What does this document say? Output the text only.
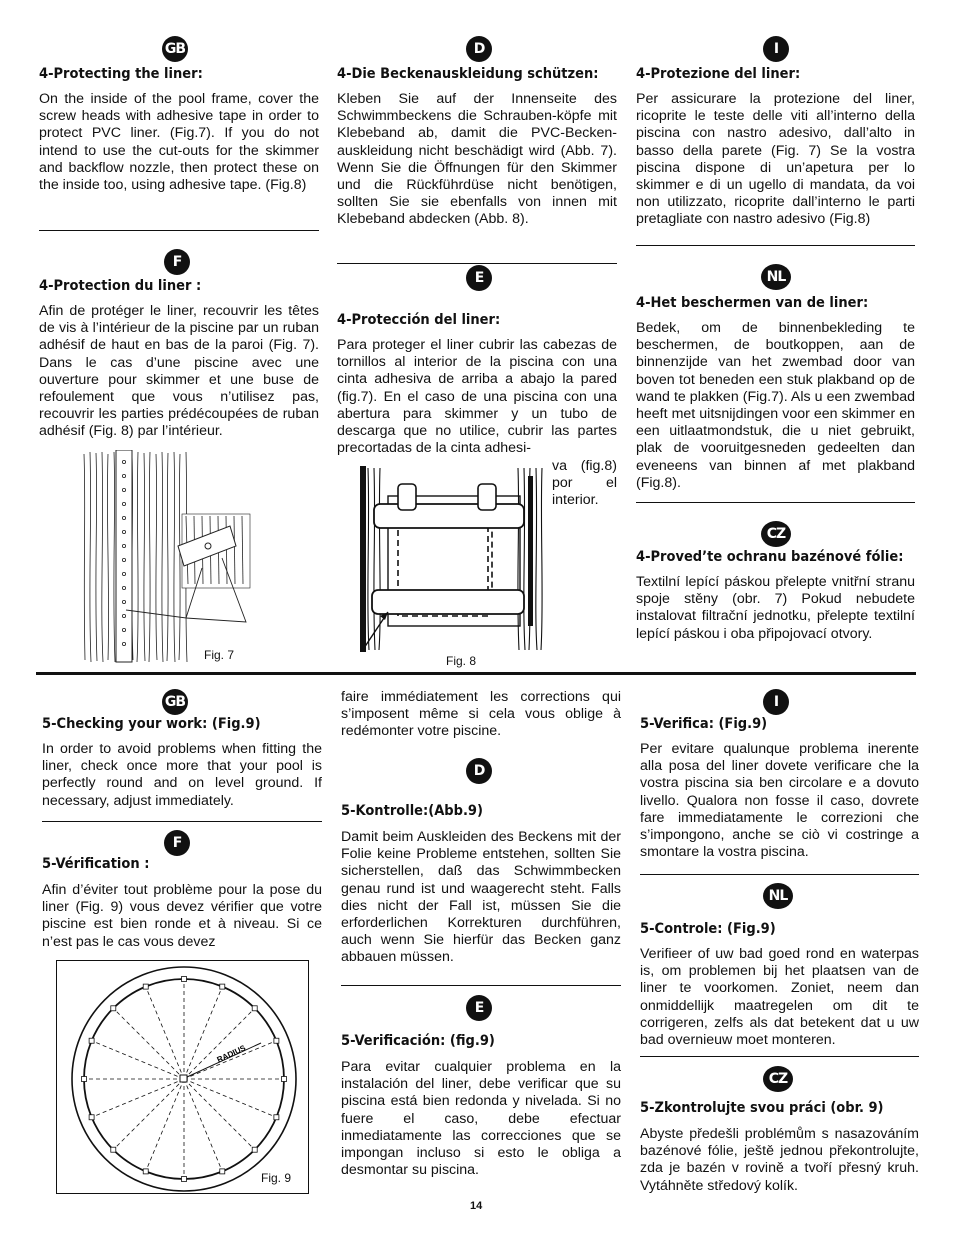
GB
4-Protecting the liner:
On the inside of the pool frame, cover the screw heads with adhesive tape in order to protect PVC liner. (Fig.7). If you do not intend to use the cut-outs for the skimmer and backflow nozzle, then protect these on the inside too, using adhesive tape. (Fig.8)
F
4-Protection du liner :
Afin de protéger le liner, recouvrir les têtes de vis à l’intérieur de la piscine par un ruban adhésif de haut en bas de la paroi (Fig. 7). Dans le cas d’une piscine avec une ouverture pour skimmer et une buse de refoulement que vous n’utilisez pas, recouvrir les parties prédécoupées de ruban adhésif (Fig. 8) par l’intérieur.
Fig. 7
D
4-Die Beckenauskleidung schützen:
Kleben Sie auf der Innenseite des Schwimmbeckens die Schrauben-köpfe mit Klebeband ab, damit die PVC-Becken-auskleidung nicht beschädigt wird (Abb. 7). Wenn Sie die Öffnungen für den Skimmer und die Rückführdüse nicht benötigen, sollten Sie sie ebenfalls von innen mit Klebeband abdecken (Abb. 8).
E
4-Protección del liner:
Para proteger el liner cubrir las cabezas de tornillos al interior de la piscina con una cinta adhesiva de arriba a abajo la pared (fig.7). En el caso de una piscina con una abertura para skimmer y un tubo de descarga que no utilice, cubrir las partes precortadas de la cinta adhesi-
va (fig.8) por el interior.
Fig. 8
I
4-Protezione del liner:
Per assicurare la protezione del liner, ricoprite le teste delle viti all’interno della piscina con nastro adesivo, dall’alto in basso della parete (Fig. 7) Se la vostra piscina dispone di un’apetura per lo skimmer e di un ugello di mandata, da voi non utilizzato, ricoprite dall’interno le parti pretagliate con nastro adesivo (Fig.8)
NL
4-Het beschermen van de liner:
Bedek, om de binnenbekleding te beschermen, de boutkoppen, aan de binnenzijde van het zwembad door van boven tot beneden een stuk plakband op de wand te plakken (Fig.7). Als u een zwembad heeft met uitsnijdingen voor een skimmer en een uitlaatmondstuk, die u niet gebruikt, plak de vooruitgesneden gedeelten dan eveneens van binnen af met plakband (Fig.8).
CZ
4-Proved’te ochranu bazénové fólie:
Textilní lepící páskou přelepte vnitřní stranu spoje stěny (obr. 7) Pokud nebudete instalovat filtrační jednotku, přelepte textilní lepící páskou i oba připojovací otvory.
GB
5-Checking your work: (Fig.9)
In order to avoid problems when fitting the liner, check once more that your pool is perfectly round and on level ground. If necessary, adjust immediately.
F
5-Vérification :
Afin d’éviter tout problème pour la pose du liner (Fig. 9) vous devez vérifier que votre piscine est bien ronde et à niveau. Si ce n’est pas le cas vous devez
RADIUS
Fig. 9
faire immédiatement les corrections qui s’imposent même si cela vous oblige à redémonter votre piscine.
D
5-Kontrolle:(Abb.9)
Damit beim Auskleiden des Beckens mit der Folie keine Probleme entstehen, sollten Sie sicherstellen, daß das Schwimmbecken genau rund ist und waagerecht steht. Falls dies nicht der Fall ist, müssen Sie die erforderlichen Korrekturen durchführen, auch wenn Sie hierfür das Becken ganz abbauen müssen.
E
5-Verificación: (fig.9)
Para evitar cualquier problema en la instalación del liner, debe verificar que su piscina está bien redonda y nivelada. Si no fuere el caso, debe efectuar inmediatamente las correcciones que se impongan incluso si esto le obliga a desmontar su piscina.
I
5-Verifica: (Fig.9)
Per evitare qualunque problema inerente alla posa del liner dovete verificare che la vostra piscina sia ben circolare e a dovuto livello. Qualora non fosse il caso, dovrete fare immediatamente le correzioni che s’impongono, anche se ciò vi costringe a smontare la vostra piscina.
NL
5-Controle: (Fig.9)
Verifieer of uw bad goed rond en waterpas is, om problemen bij het plaatsen van de liner te voorkomen. Zoniet, neem dan onmiddellijk maatregelen om dit te corrigeren, zelfs als dat betekent dat u uw bad overnieuw moet monteren.
CZ
5-Zkontrolujte svou práci (obr. 9)
Abyste předešli problémům s nasazováním bazénové fólie, ještě jednou překontrolujte, zda je bazén v rovině a tvoří přesný kruh. Vytáhněte středový kolík.
14
